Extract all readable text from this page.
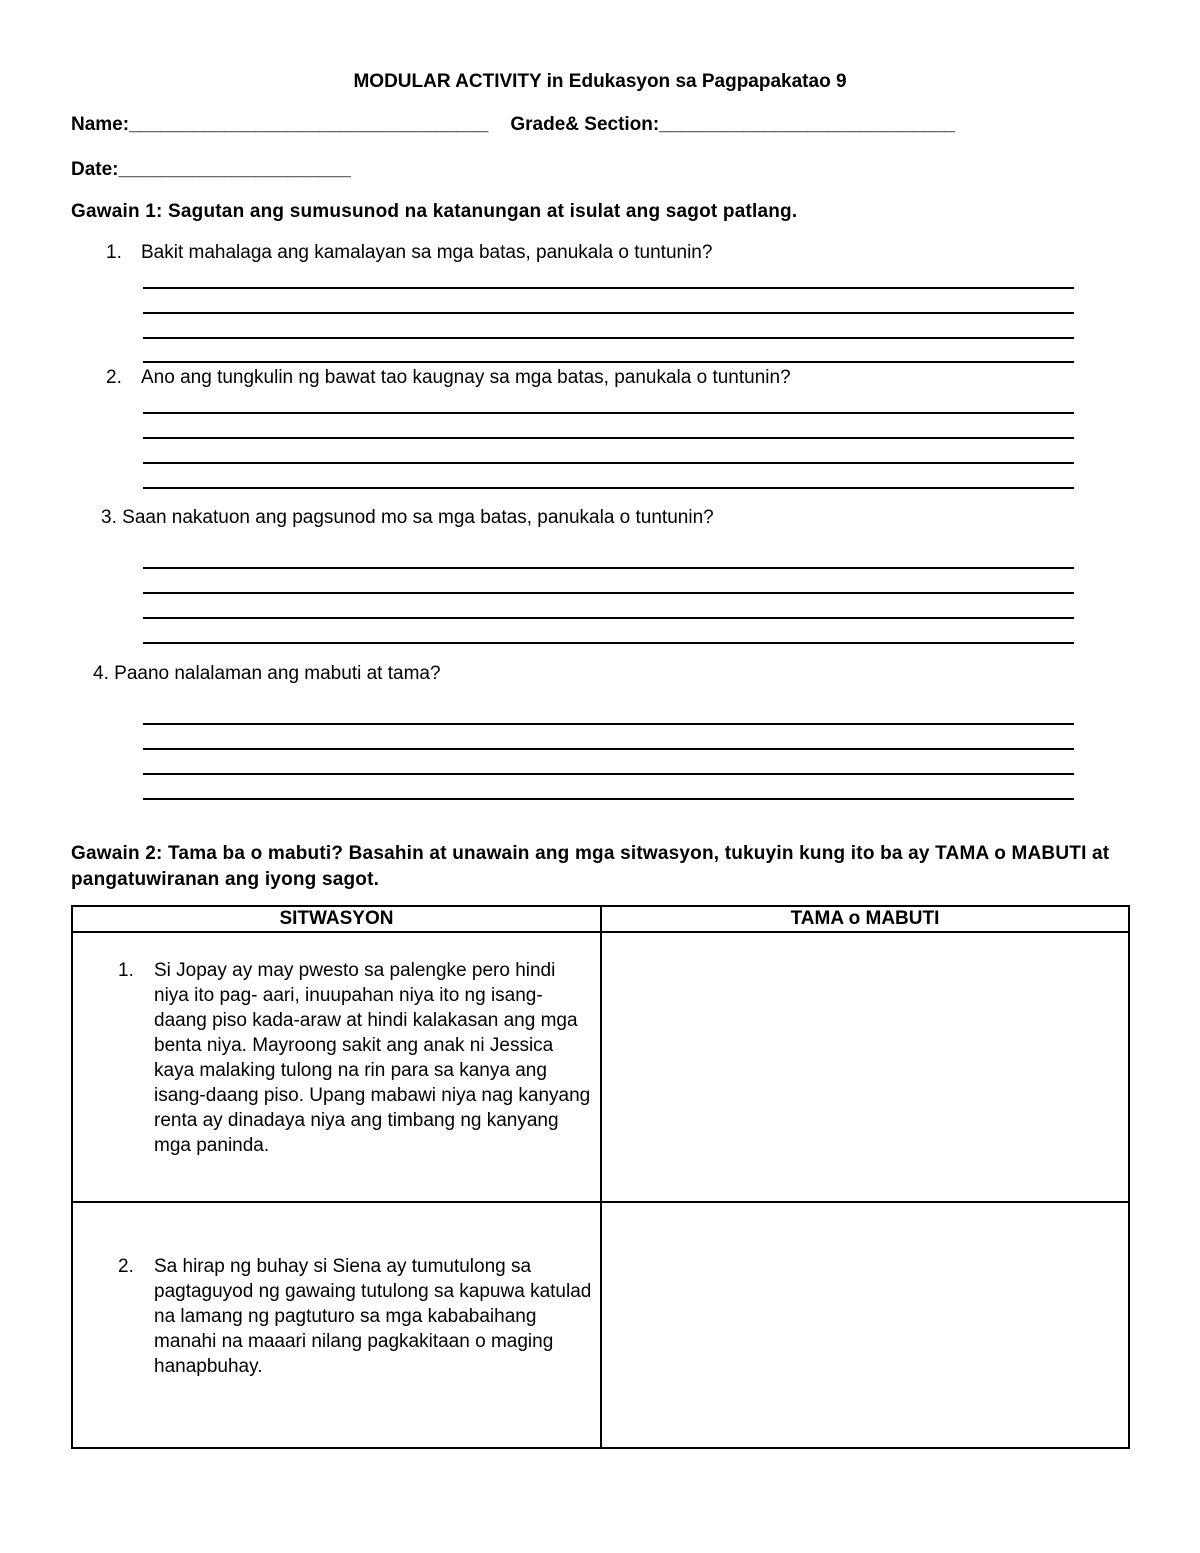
MODULAR ACTIVITY in Edukasyon sa Pagpapakatao 9
Name:__________________________________ Grade& Section:____________________________
Date:______________________
Gawain 1: Sagutan ang sumusunod na katanungan at isulat ang sagot patlang.
1. Bakit mahalaga ang kamalayan sa mga batas, panukala o tuntunin?
2. Ano ang tungkulin ng bawat tao kaugnay sa mga batas, panukala o tuntunin?
3. Saan nakatuon ang pagsunod mo sa mga batas, panukala o tuntunin?
4. Paano nalalaman ang mabuti at tama?
Gawain 2: Tama ba o mabuti? Basahin at unawain ang mga sitwasyon, tukuyin kung ito ba ay TAMA o MABUTI at pangatuwiranan ang iyong sagot.
SITWASYON	TAMA o MABUTI

1. Si Jopay ay may pwesto sa palengke pero hindi niya ito pag- aari, inuupahan niya ito ng isang-daang piso kada-araw at hindi kalakasan ang mga benta niya. Mayroong sakit ang anak ni Jessica kaya malaking tulong na rin para sa kanya ang isang-daang piso. Upang mabawi niya nag kanyang renta ay dinadaya niya ang timbang ng kanyang mga paninda.	

2. Sa hirap ng buhay si Siena ay tumutulong sa pagtaguyod ng gawaing tutulong sa kapuwa katulad na lamang ng pagtuturo sa mga kababaihang manahi na maaari nilang pagkakitaan o maging hanapbuhay.	
